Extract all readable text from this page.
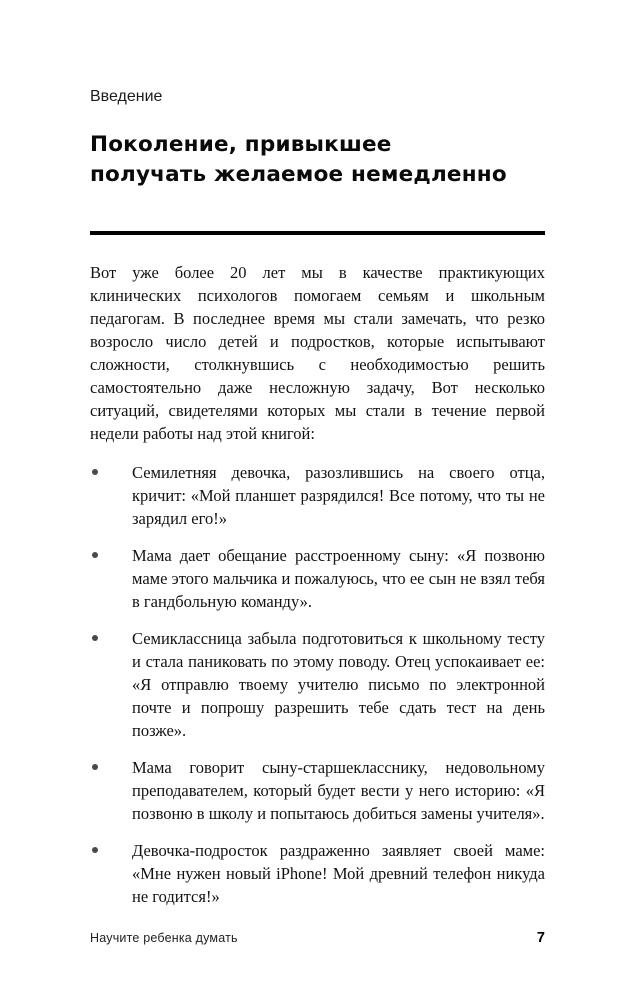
Введение

Поколение, привыкшее
получать желаемое немедленно

Вот уже более 20 лет мы в качестве практикующих клинических психологов помогаем семьям и школьным педагогам. В последнее время мы стали замечать, что резко возросло число детей и подростков, которые испытывают сложности, столкнувшись с необходимостью решить самостоятельно даже несложную задачу, Вот несколько ситуаций, свидетелями которых мы стали в течение первой недели работы над этой книгой:

Семилетняя девочка, разозлившись на своего отца, кричит: «Мой планшет разрядился! Все потому, что ты не зарядил его!»
Мама дает обещание расстроенному сыну: «Я позвоню маме этого мальчика и пожалуюсь, что ее сын не взял тебя в гандбольную команду».
Семиклассница забыла подготовиться к школьному тесту и стала паниковать по этому поводу. Отец успокаивает ее: «Я отправлю твоему учителю письмо по электронной почте и попрошу разрешить тебе сдать тест на день позже».
Мама говорит сыну-старшекласснику, недовольному преподавателем, который будет вести у него историю: «Я позвоню в школу и попытаюсь добиться замены учителя».
Девочка-подросток раздраженно заявляет своей маме: «Мне нужен новый iPhone! Мой древний телефон никуда не годится!»
Научите ребенка думать	7
